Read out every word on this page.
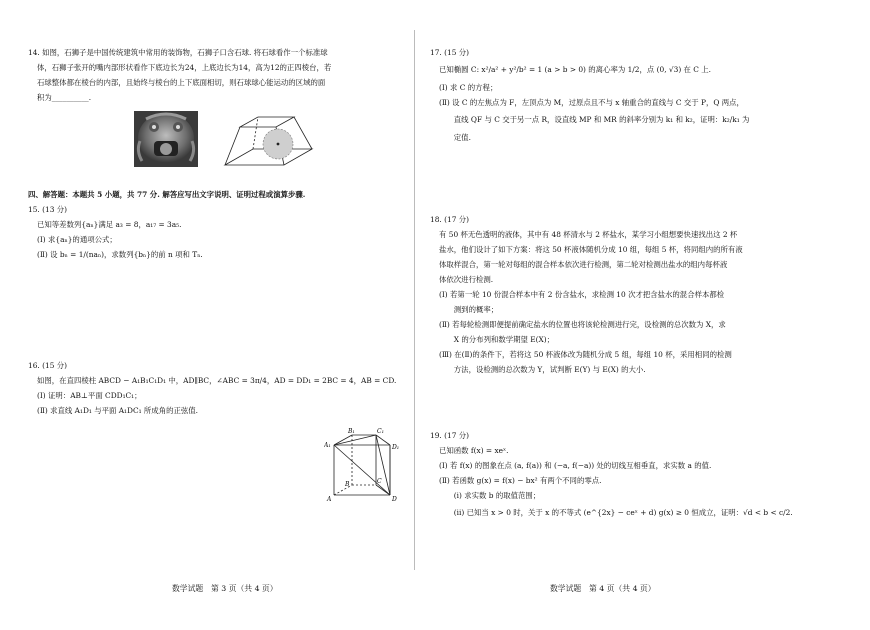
14. 如图，石狮子是中国传统建筑中常用的装饰物，石狮子口含石球. 将石球看作一个标准球
体，石狮子张开的嘴内部形状看作下底边长为24，上底边长为14，高为12的正四棱台，若
石球整体都在棱台的内部，且始终与棱台的上下底面相切，则石球球心能运动的区域的面
积为__________.
四、解答题：本题共 5 小题，共 77 分. 解答应写出文字说明、证明过程或演算步骤.
15. (13 分)
已知等差数列{aₙ}满足 a₃ = 8，a₁₇ = 3a₅.
(Ⅰ) 求{aₙ}的通项公式；
(Ⅱ) 设 bₙ = 1/(naₙ)，求数列{bₙ}的前 n 项和 Tₙ.
16. (15 分)
如图，在直四棱柱 ABCD − A₁B₁C₁D₁ 中，AD∥BC，∠ABC = 3π/4，AD = DD₁ = 2BC = 4，AB = CD.
(Ⅰ) 证明：AB⊥平面 CDD₁C₁；
(Ⅱ) 求直线 A₁D₁ 与平面 A₁DC₁ 所成角的正弦值.
B₁	C₁
A₁	D₁
B	C
A	D
数学试题　第 3 页（共 4 页）
17. (15 分)
已知椭圆 C: x²/a² + y²/b² = 1 (a > b > 0) 的离心率为 1/2，点 (0, √3) 在 C 上.
(Ⅰ) 求 C 的方程；
(Ⅱ) 设 C 的左焦点为 F，左顶点为 M，过原点且不与 x 轴重合的直线与 C 交于 P，Q 两点，
　　直线 QF 与 C 交于另一点 R，设直线 MP 和 MR 的斜率分别为 k₁ 和 k₂，证明：k₂/k₁ 为
　　定值.
18. (17 分)
有 50 杯无色透明的液体，其中有 48 杯清水与 2 杯盐水，某学习小组想要快速找出这 2 杯
盐水，他们设计了如下方案：将这 50 杯液体随机分成 10 组，每组 5 杯，将同组内的所有液
体取样混合，第一轮对每组的混合样本依次进行检测，第二轮对检测出盐水的组内每杯液
体依次进行检测.
(Ⅰ) 若第一轮 10 份混合样本中有 2 份含盐水，求检测 10 次才把含盐水的混合样本都检
　　测到的概率；
(Ⅱ) 若每轮检测即便提前确定盐水的位置也将该轮检测进行完，设检测的总次数为 X，求
　　X 的分布列和数学期望 E(X)；
(Ⅲ) 在(Ⅱ)的条件下，若将这 50 杯液体改为随机分成 5 组，每组 10 杯，采用相同的检测
　　方法，设检测的总次数为 Y，试判断 E(Y) 与 E(X) 的大小.
19. (17 分)
已知函数 f(x) = xeˣ.
(Ⅰ) 若 f(x) 的图象在点 (a, f(a)) 和 (−a, f(−a)) 处的切线互相垂直，求实数 a 的值.
(Ⅱ) 若函数 g(x) = f(x) − bx² 有两个不同的零点.
　　(ⅰ) 求实数 b 的取值范围；
　　(ⅱ) 已知当 x > 0 时，关于 x 的不等式 (e^{2x} − ceˣ + d) g(x) ≥ 0 恒成立，证明：√d < b < c/2.
数学试题　第 4 页（共 4 页）
